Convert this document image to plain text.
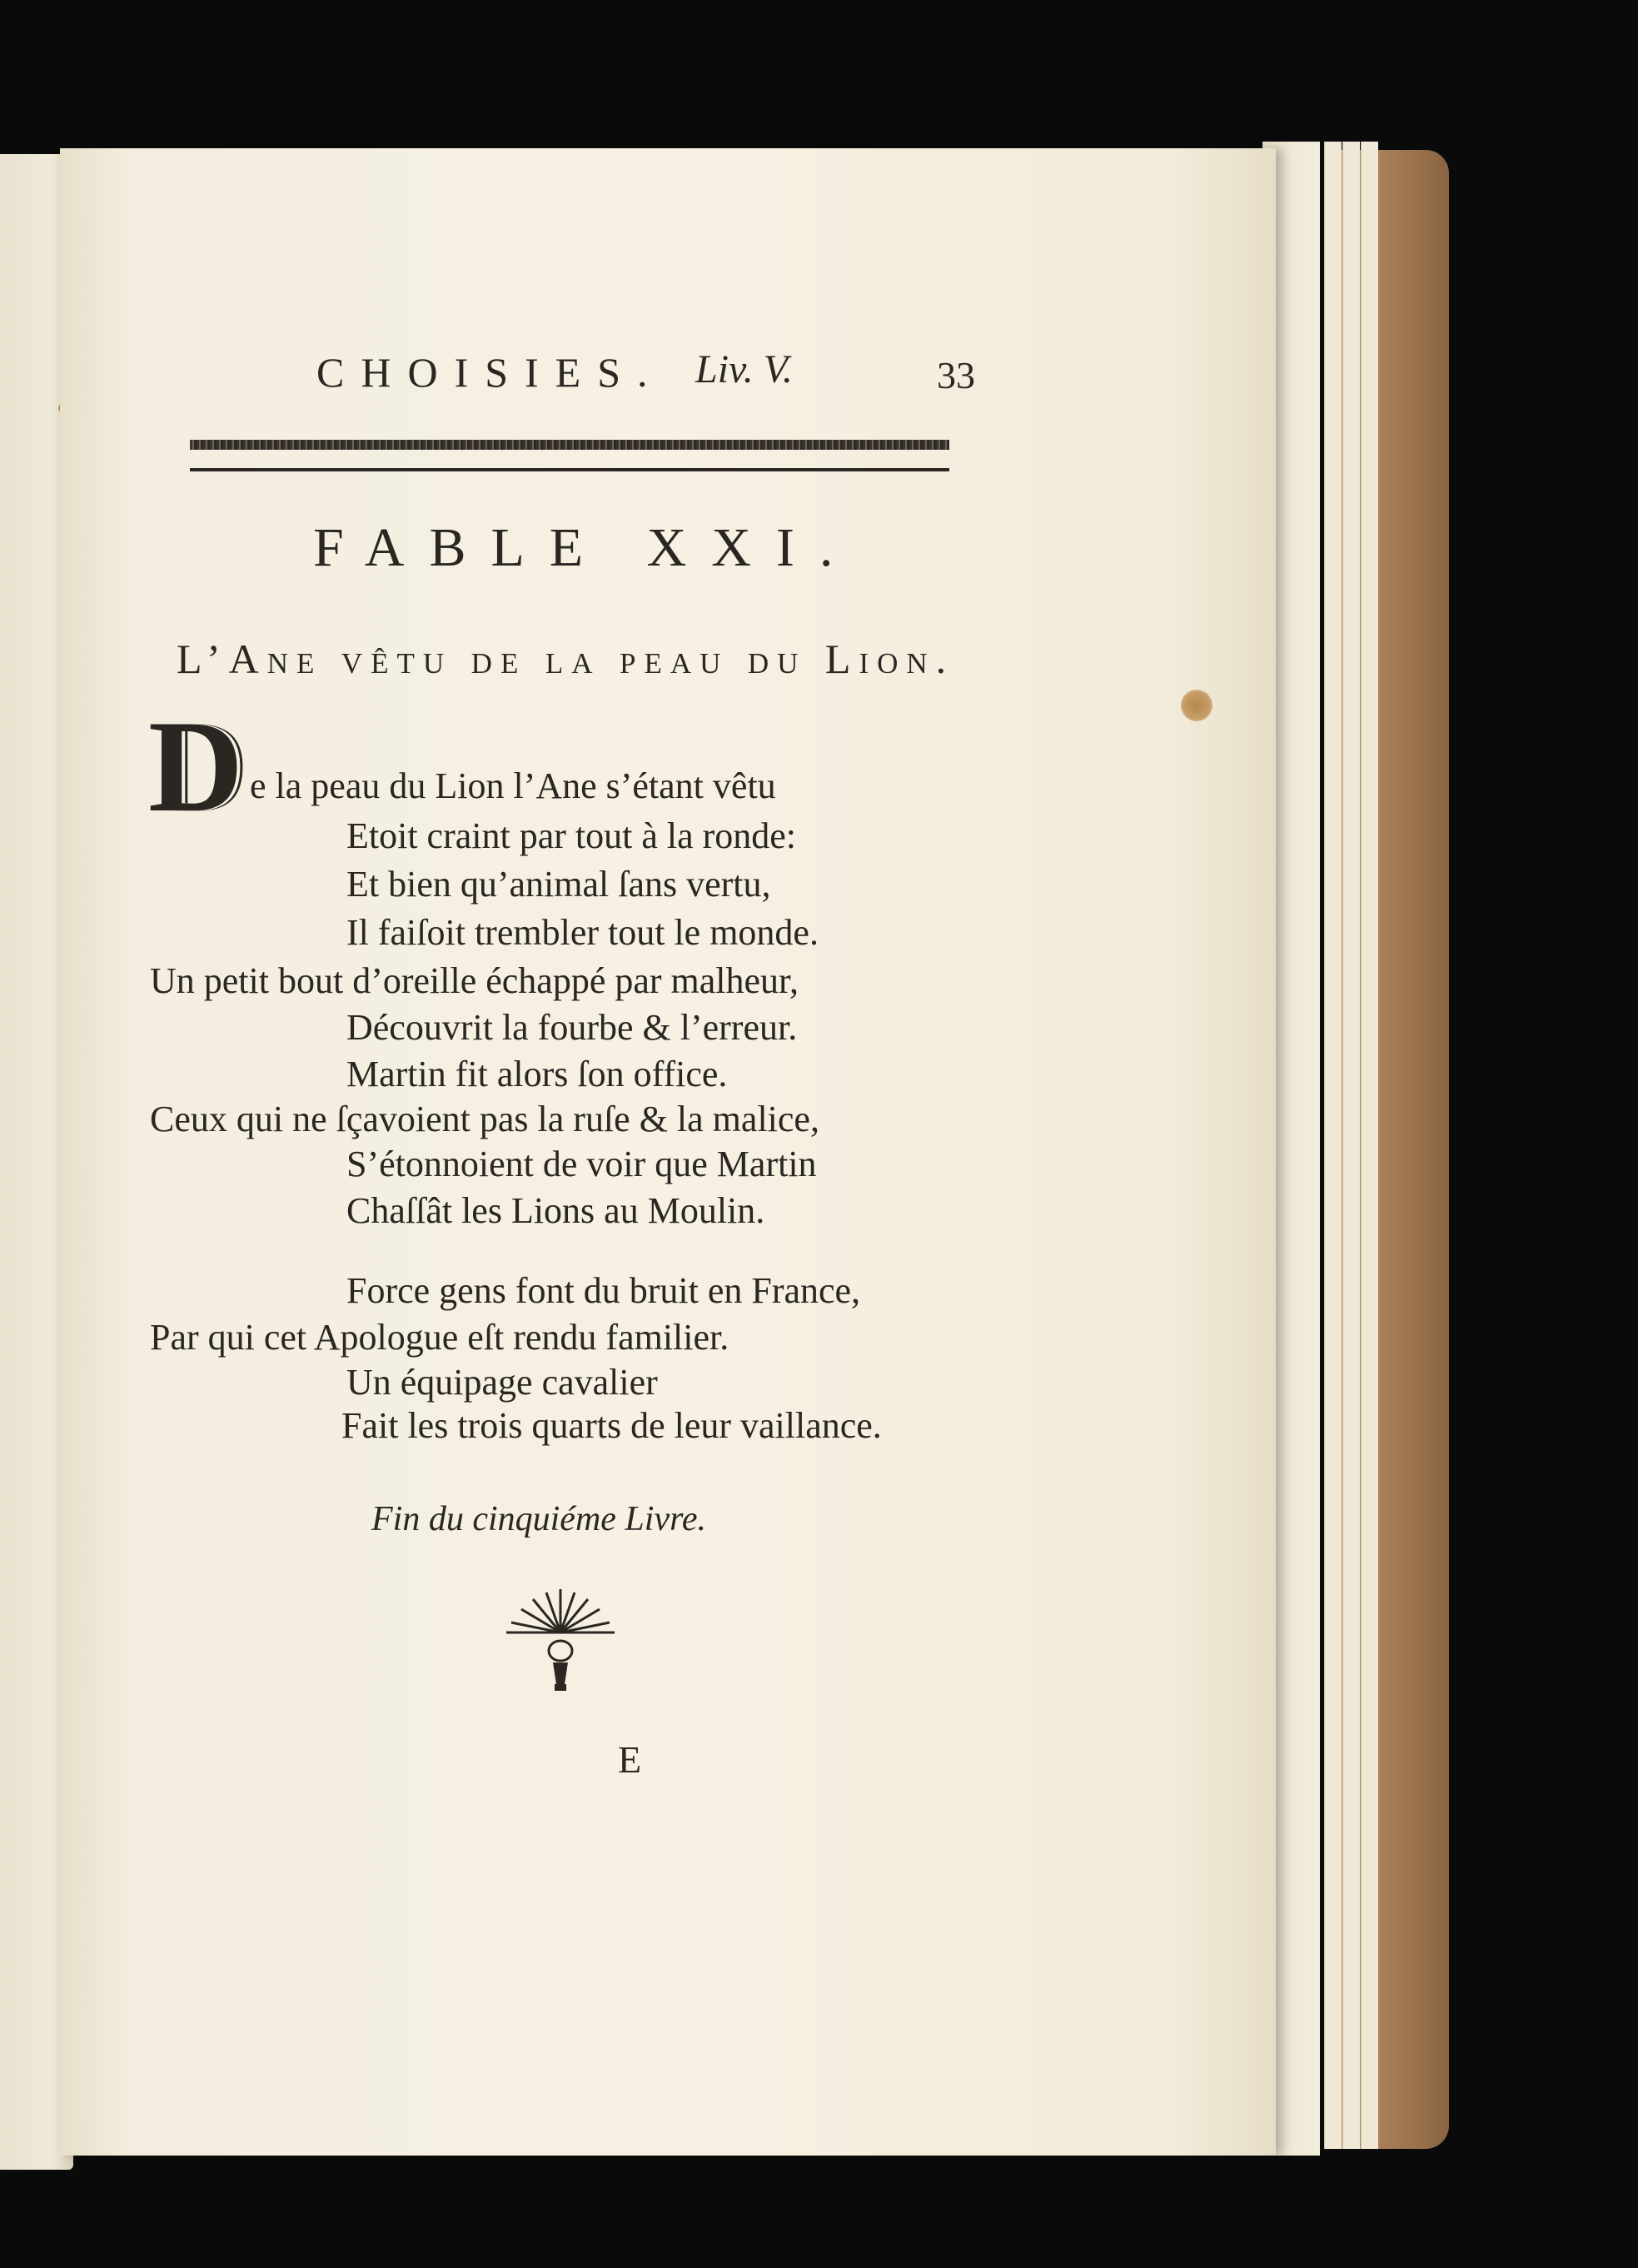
CHOISIES. Liv. V.	33
FABLE XXI.
L’Ane vêtu de la peau du Lion.
D e la peau du Lion l’Ane s’étant vêtu
Etoit craint par tout à la ronde:
Et bien qu’animal ſans vertu,
Il faiſoit trembler tout le monde.
Un petit bout d’oreille échappé par malheur,
Découvrit la fourbe & l’erreur.
Martin fit alors ſon office.
Ceux qui ne ſçavoient pas la ruſe & la malice,
S’étonnoient de voir que Martin
Chaſſât les Lions au Moulin.
Force gens font du bruit en France,
Par qui cet Apologue eſt rendu familier.
Un équipage cavalier
Fait les trois quarts de leur vaillance.
Fin du cinquiéme Livre.
E
